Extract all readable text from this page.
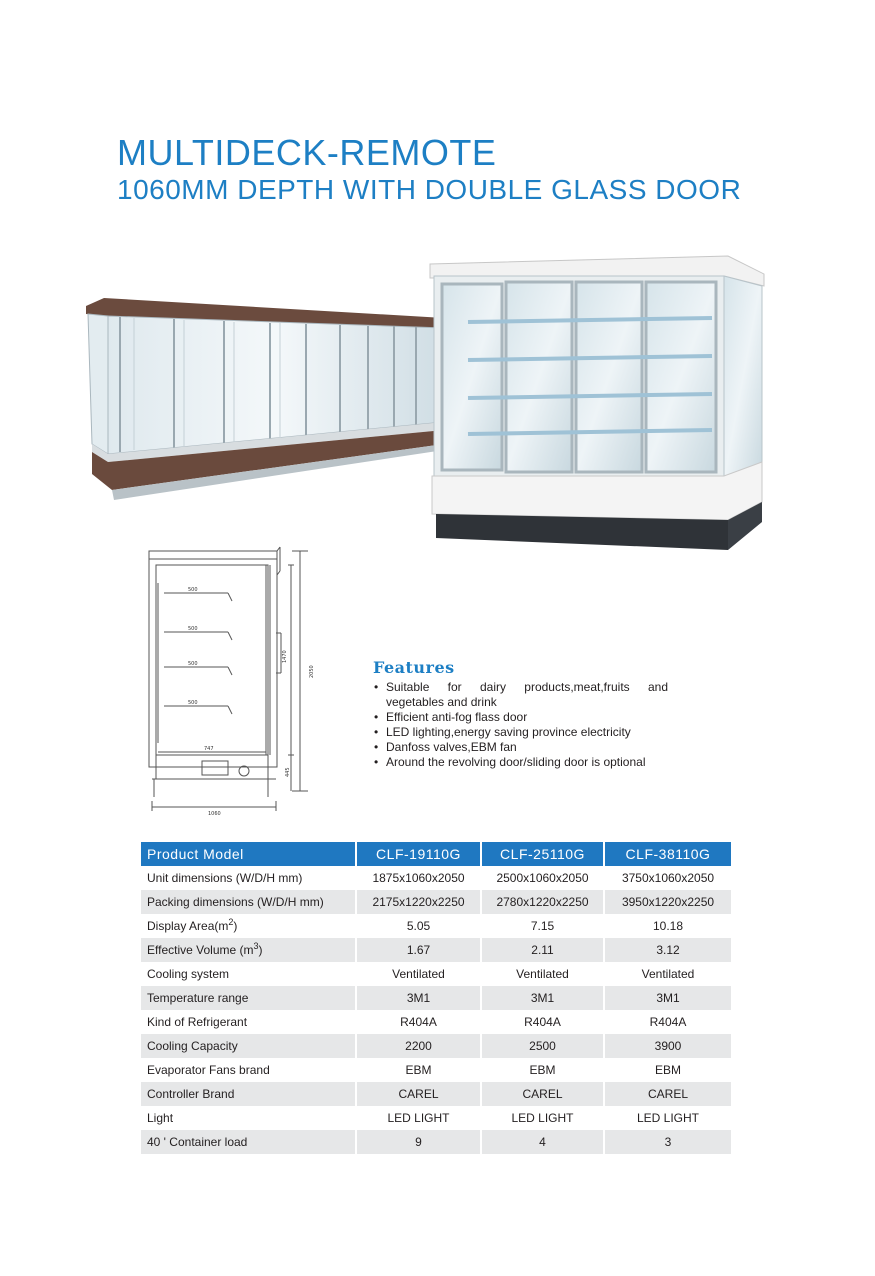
MULTIDECK-REMOTE
1060MM DEPTH WITH DOUBLE GLASS DOOR
500
500
500
500
747
1060
1470
2050
445
Features
• Suitable for dairy products,meat,fruits and vegetables and drink
• Efficient anti-fog flass door
• LED lighting,energy saving province electricity
• Danfoss valves,EBM fan
• Around the revolving door/sliding door is optional
Product Model	CLF-19110G	CLF-25110G	CLF-38110G
Unit dimensions (W/D/H mm)	1875x1060x2050	2500x1060x2050	3750x1060x2050
Packing dimensions (W/D/H mm)	2175x1220x2250	2780x1220x2250	3950x1220x2250
Display $Area(m^2)$	5.05	7.15	10.18
Effective Volume $(m^3)$	1.67	2.11	3.12
Cooling system	Ventilated	Ventilated	Ventilated
Temperature range	3M1	3M1	3M1
Kind of Refrigerant	R404A	R404A	R404A
Cooling Capacity	2200	2500	3900
Evaporator Fans brand	EBM	EBM	EBM
Controller Brand	CAREL	CAREL	CAREL
Light	LED LIGHT	LED LIGHT	LED LIGHT
40 ' Container load	9	4	3
